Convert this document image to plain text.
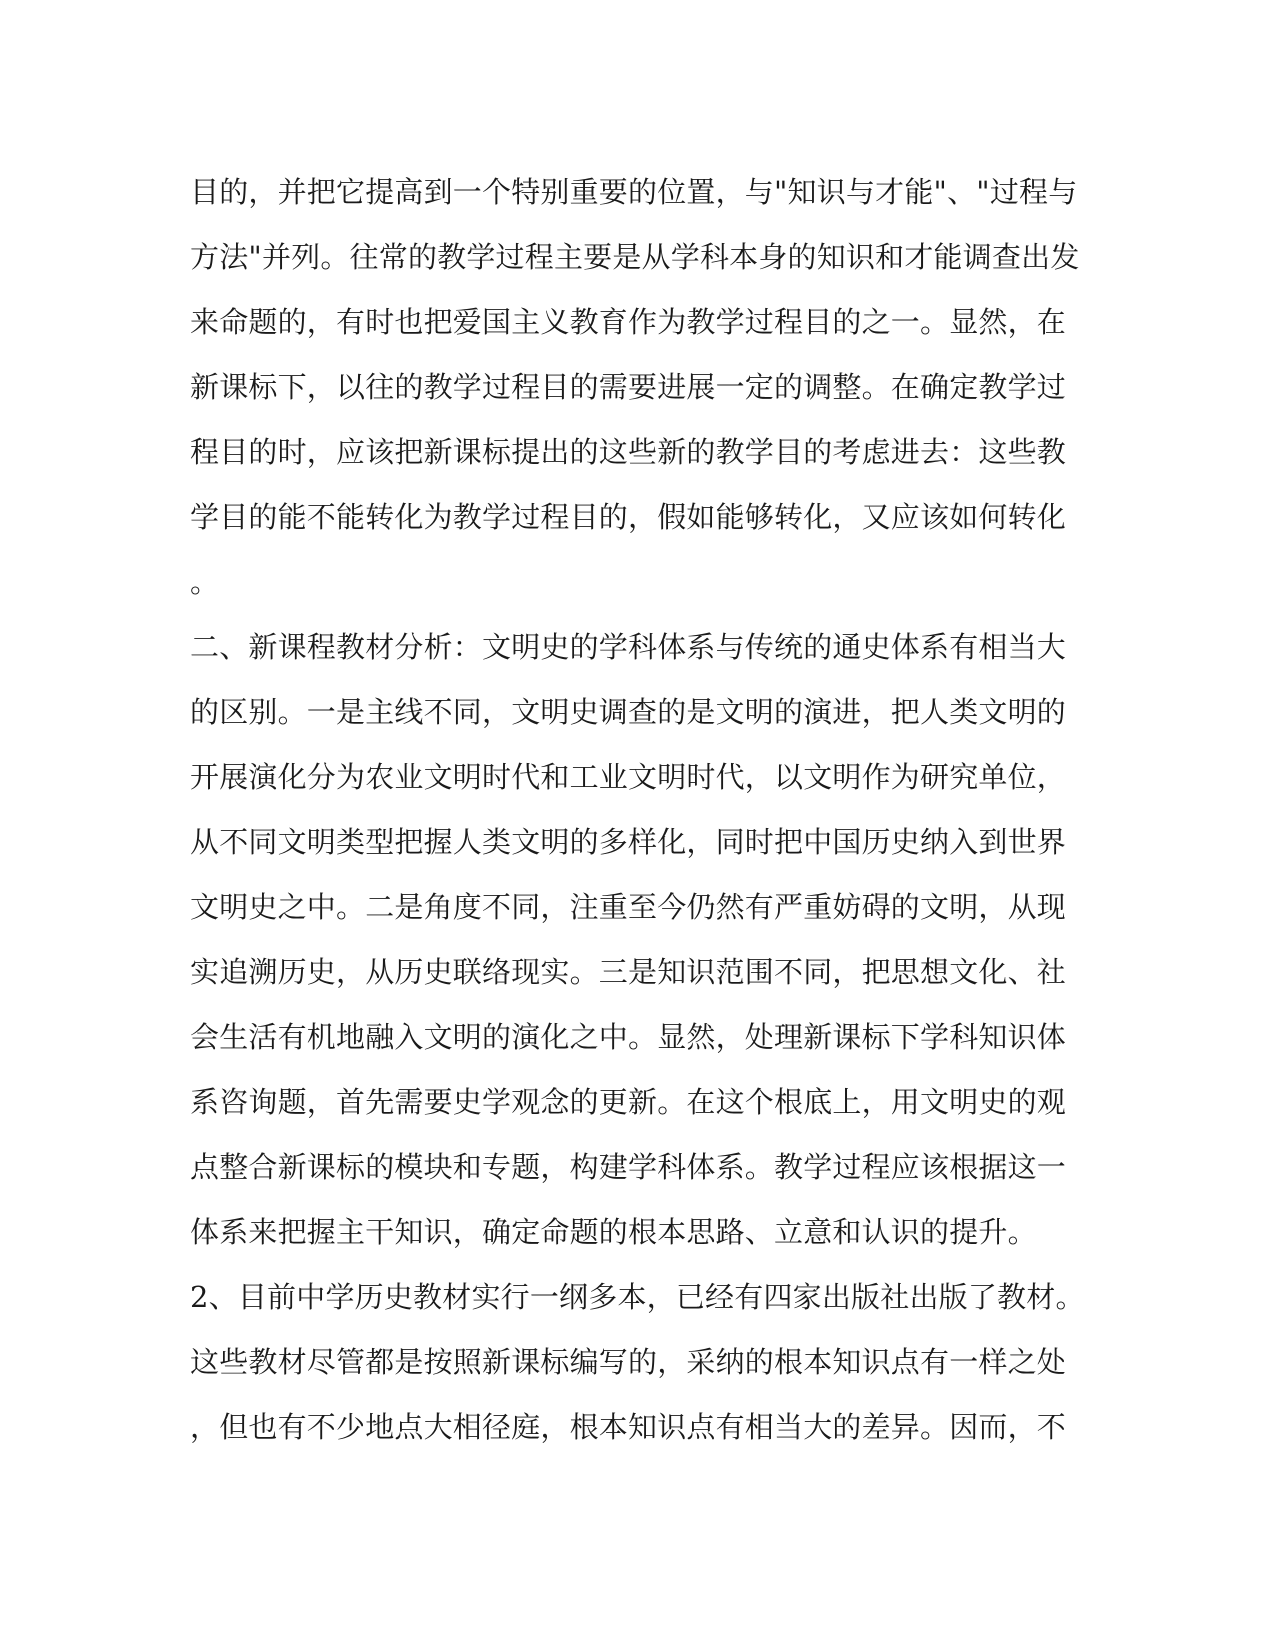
目的，并把它提高到一个特别重要的位置，与"知识与才能"、"过程与
方法"并列。往常的教学过程主要是从学科本身的知识和才能调查出发
来命题的，有时也把爱国主义教育作为教学过程目的之一。显然，在
新课标下，以往的教学过程目的需要进展一定的调整。在确定教学过
程目的时，应该把新课标提出的这些新的教学目的考虑进去：这些教
学目的能不能转化为教学过程目的，假如能够转化，又应该如何转化
。
二、新课程教材分析：文明史的学科体系与传统的通史体系有相当大
的区别。一是主线不同，文明史调查的是文明的演进，把人类文明的
开展演化分为农业文明时代和工业文明时代，以文明作为研究单位，
从不同文明类型把握人类文明的多样化，同时把中国历史纳入到世界
文明史之中。二是角度不同，注重至今仍然有严重妨碍的文明，从现
实追溯历史，从历史联络现实。三是知识范围不同，把思想文化、社
会生活有机地融入文明的演化之中。显然，处理新课标下学科知识体
系咨询题，首先需要史学观念的更新。在这个根底上，用文明史的观
点整合新课标的模块和专题，构建学科体系。教学过程应该根据这一
体系来把握主干知识，确定命题的根本思路、立意和认识的提升。
2、目前中学历史教材实行一纲多本，已经有四家出版社出版了教材。
这些教材尽管都是按照新课标编写的，采纳的根本知识点有一样之处
，但也有不少地点大相径庭，根本知识点有相当大的差异。因而，不
